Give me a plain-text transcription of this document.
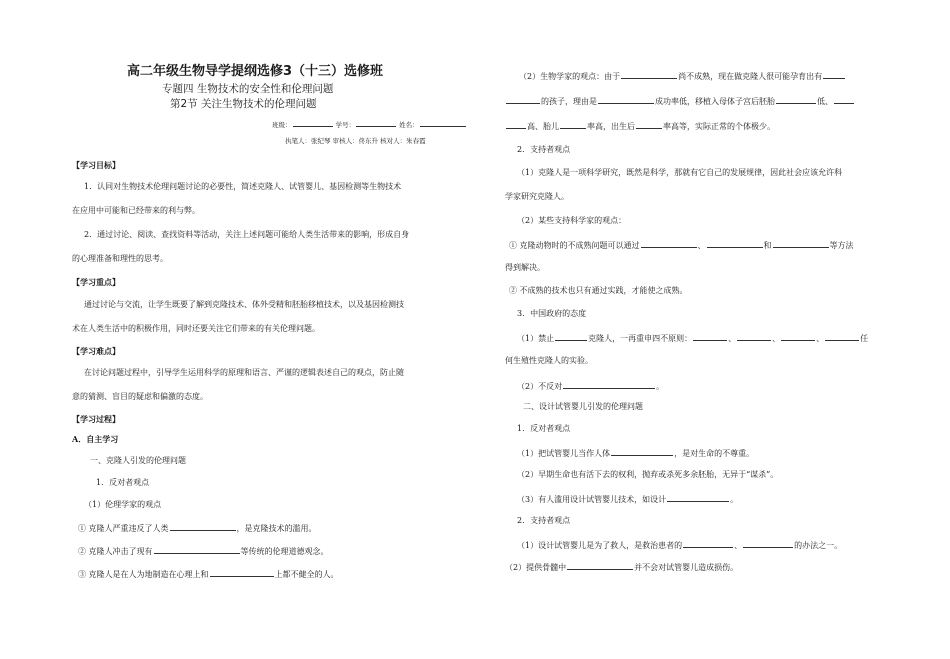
高二年级生物导学提纲选修3（十三）选修班
专题四 生物技术的安全性和伦理问题
第2节 关注生物技术的伦理问题
班级：	学号：	姓名：
执笔人：张纪琴 审核人：佟东升 核对人：朱春霞
【学习目标】
1．认同对生物技术伦理问题讨论的必要性，简述克隆人、试管婴儿、基因检测等生物技术
在应用中可能和已经带来的利与弊。
2．通过讨论、阅读、查找资料等活动，关注上述问题可能给人类生活带来的影响，形成自身
的心理准备和理性的思考。
【学习重点】
通过讨论与交流，让学生既要了解到克隆技术、体外受精和胚胎移植技术，以及基因检测技
术在人类生活中的积极作用，同时还要关注它们带来的有关伦理问题。
【学习难点】
在讨论问题过程中，引导学生运用科学的原理和语言、严谨的逻辑表述自己的观点，防止随
意的猜测、盲目的疑虑和偏激的态度。
【学习过程】
A．自主学习
一、克隆人引发的伦理问题
1．反对者观点
（1）伦理学家的观点
① 克隆人严重违反了人类	，是克隆技术的滥用。
② 克隆人冲击了现有	等传统的伦理道德观念。
③ 克隆人是在人为地制造在心理上和	上都不健全的人。
（2）生物学家的观点：由于	尚不成熟，现在做克隆人很可能孕育出有
的孩子，理由是	成功率低，移植入母体子宫后胚胎	低、
高、胎儿	率高，出生后	率高等，实际正常的个体极少。
2．支持者观点
（1）克隆人是一项科学研究，既然是科学，那就有它自己的发展规律，因此社会应该允许科
学家研究克隆人。
（2）某些支持科学家的观点：
① 克隆动物时的不成熟问题可以通过	、	和	等方法
得到解决。
② 不成熟的技术也只有通过实践，才能使之成熟。
3．中国政府的态度
（1）禁止	克隆人，一再重申四不原则：	、	、	、	任
何生殖性克隆人的实验。
（2）不反对	。
二、设计试管婴儿引发的伦理问题
1．反对者观点
（1）把试管婴儿当作人体	，是对生命的不尊重。
（2）早期生命也有活下去的权利，抛弃或杀死多余胚胎，无异于“谋杀”。
（3）有人滥用设计试管婴儿技术，如设计	。
2．支持者观点
（1）设计试管婴儿是为了救人，是救治患者的	、	的办法之一。
（2）提供骨髓中	并不会对试管婴儿造成损伤。
